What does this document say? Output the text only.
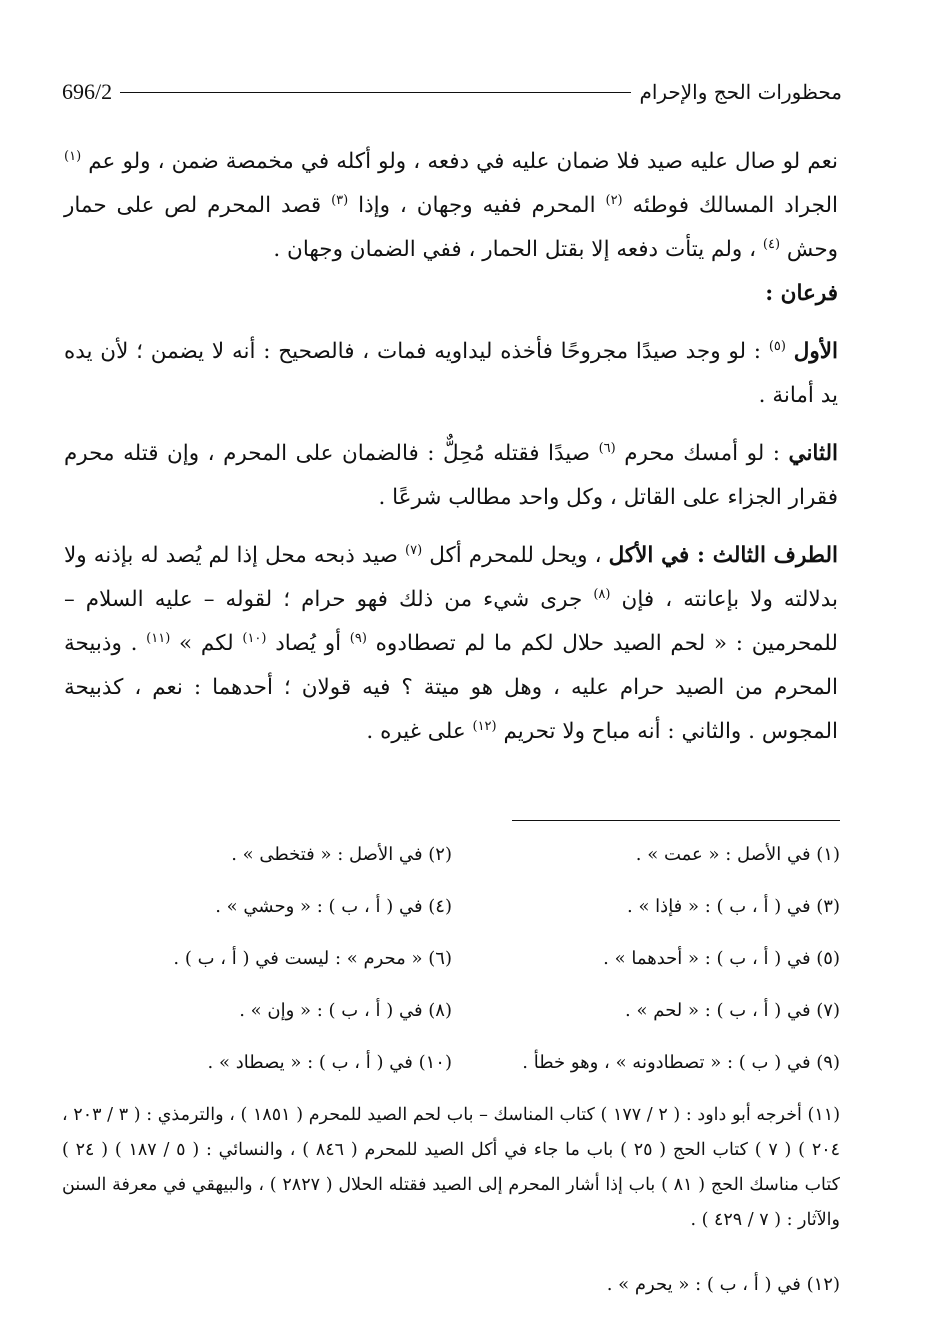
696/2	محظورات الحج والإحرام

نعم لو صال عليه صيد فلا ضمان عليه في دفعه ، ولو أكله في مخمصة ضمن ، ولو عم $^{(١)}$ الجراد المسالك فوطئه $^{(٢)}$ المحرم ففيه وجهان ، وإذا $^{(٣)}$ قصد المحرم لص على حمار وحش $^{(٤)}$ ، ولم يتأت دفعه إلا بقتل الحمار ، ففي الضمان وجهان .

فرعان :

الأول $^{(٥)}$ : لو وجد صيدًا مجروحًا فأخذه ليداويه فمات ، فالصحيح : أنه لا يضمن ؛ لأن يده يد أمانة .

الثاني : لو أمسك محرم $^{(٦)}$ صيدًا فقتله مُحِلٌّ : فالضمان على المحرم ، وإن قتله محرم فقرار الجزاء على القاتل ، وكل واحد مطالب شرعًا .

الطرف الثالث : في الأكل ، ويحل للمحرم أكل $^{(٧)}$ صيد ذبحه محل إذا لم يُصد له بإذنه ولا بدلالته ولا بإعانته ، فإن $^{(٨)}$ جرى شيء من ذلك فهو حرام ؛ لقوله – عليه السلام – للمحرمين : « لحم الصيد حلال لكم ما لم تصطادوه $^{(٩)}$ أو يُصاد $^{(١٠)}$ لكم » $^{(١١)}$ . وذبيحة المحرم من الصيد حرام عليه ، وهل هو ميتة ؟ فيه قولان ؛ أحدهما : نعم ، كذبيحة المجوس . والثاني : أنه مباح ولا تحريم $^{(١٢)}$ على غيره .

(١) في الأصل : « عمت » .
(٢) في الأصل : « فتخطى » .
(٣) في ( أ ، ب ) : « فإذا » .
(٤) في ( أ ، ب ) : « وحشي » .
(٥) في ( أ ، ب ) : « أحدهما » .
(٦) « محرم » : ليست في ( أ ، ب ) .
(٧) في ( أ ، ب ) : « لحم » .
(٨) في ( أ ، ب ) : « وإن » .
(٩) في ( ب ) : « تصطادونه » ، وهو خطأ .
(١٠) في ( أ ، ب ) : « يصطاد » .
(١١) أخرجه أبو داود : ( ٢ / ١٧٧ ) كتاب المناسك – باب لحم الصيد للمحرم ( ١٨٥١ ) ، والترمذي : ( ٣ / ٢٠٣ ، ٢٠٤ ) ( ٧ ) كتاب الحج ( ٢٥ ) باب ما جاء في أكل الصيد للمحرم ( ٨٤٦ ) ، والنسائي : ( ٥ / ١٨٧ ) ( ٢٤ ) كتاب مناسك الحج ( ٨١ ) باب إذا أشار المحرم إلى الصيد فقتله الحلال ( ٢٨٢٧ ) ، والبيهقي في معرفة السنن والآثار : ( ٧ / ٤٢٩ ) .
(١٢) في ( أ ، ب ) : « يحرم » .
